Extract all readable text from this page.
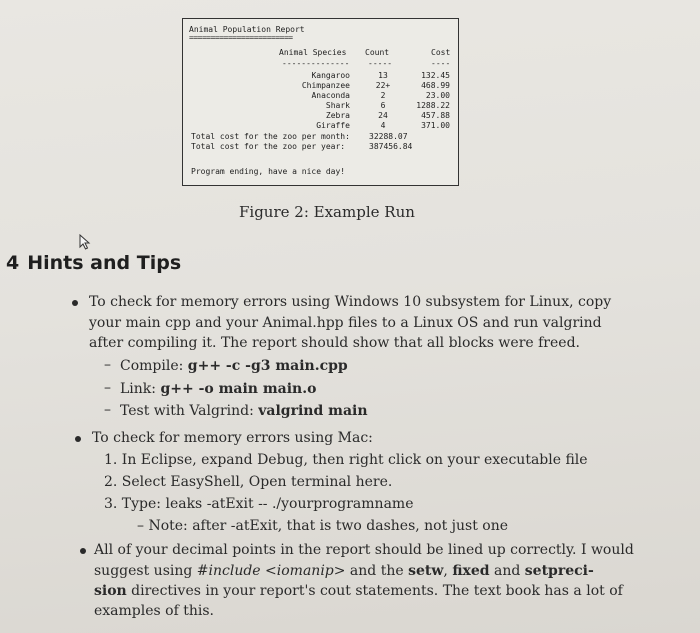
Animal Population Report
========================
Animal Species Count	Cost
-------------- -----	----
Kangaroo	13	132.45
Chimpanzee	22+	468.99
Anaconda	2	23.00
Shark	6	1288.22
Zebra	24	457.88
Giraffe	4	371.00
Total cost for the zoo per month: 32288.07
Total cost for the zoo per year:	387456.84
Program ending, have a nice day!
Figure 2: Example Run
4 Hints and Tips
To check for memory errors using Windows 10 subsystem for Linux, copy
your main cpp and your Animal.hpp files to a Linux OS and run valgrind
after compiling it. The report should show that all blocks were freed.
– Compile: g++ -c -g3 main.cpp
– Link: g++ -o main main.o
– Test with Valgrind: valgrind main
To check for memory errors using Mac:
1. In Eclipse, expand Debug, then right click on your executable file
2. Select EasyShell, Open terminal here.
3. Type: leaks -atExit -- ./yourprogramname
– Note: after -atExit, that is two dashes, not just one
All of your decimal points in the report should be lined up correctly. I would
suggest using #include <iomanip> and the setw, fixed and setpreci-
sion directives in your report's cout statements. The text book has a lot of
examples of this.
